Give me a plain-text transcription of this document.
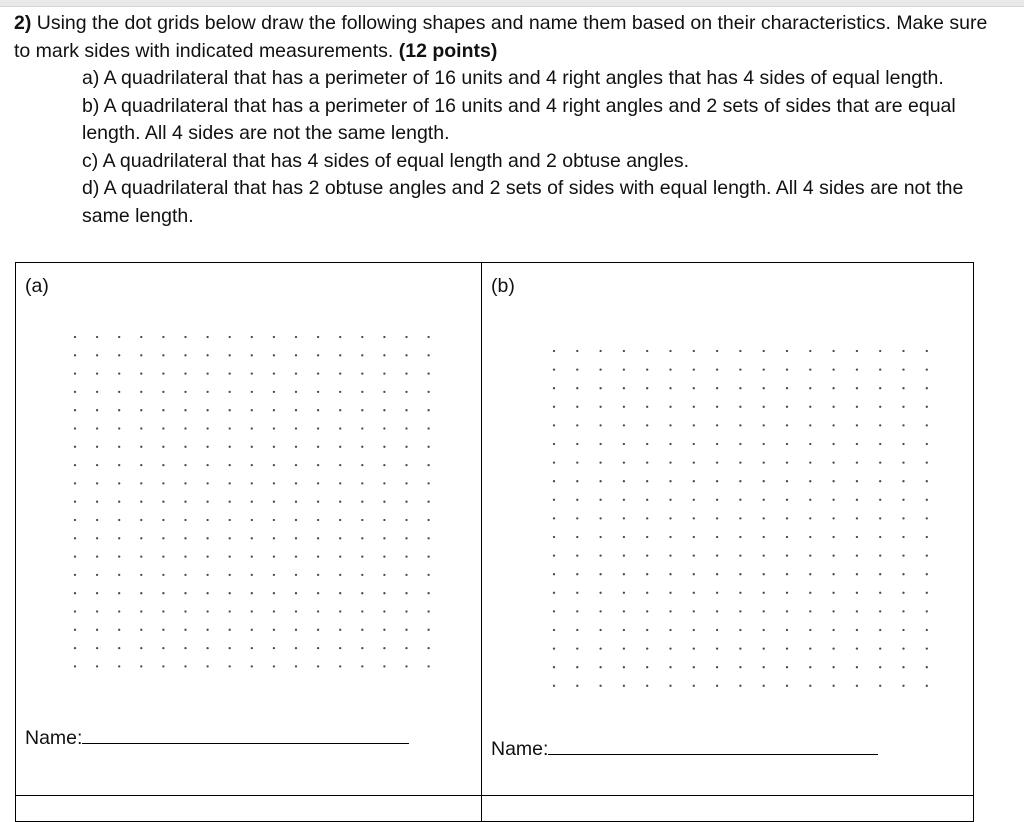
2) Using the dot grids below draw the following shapes and name them based on their characteristics. Make sure to mark sides with indicated measurements. (12 points)
a) A quadrilateral that has a perimeter of 16 units and 4 right angles that has 4 sides of equal length.
b) A quadrilateral that has a perimeter of 16 units and 4 right angles and 2 sets of sides that are equal length. All 4 sides are not the same length.
c) A quadrilateral that has 4 sides of equal length and 2 obtuse angles.
d) A quadrilateral that has 2 obtuse angles and 2 sets of sides with equal length. All 4 sides are not the same length.
(a)
Name:
(b)
Name:
